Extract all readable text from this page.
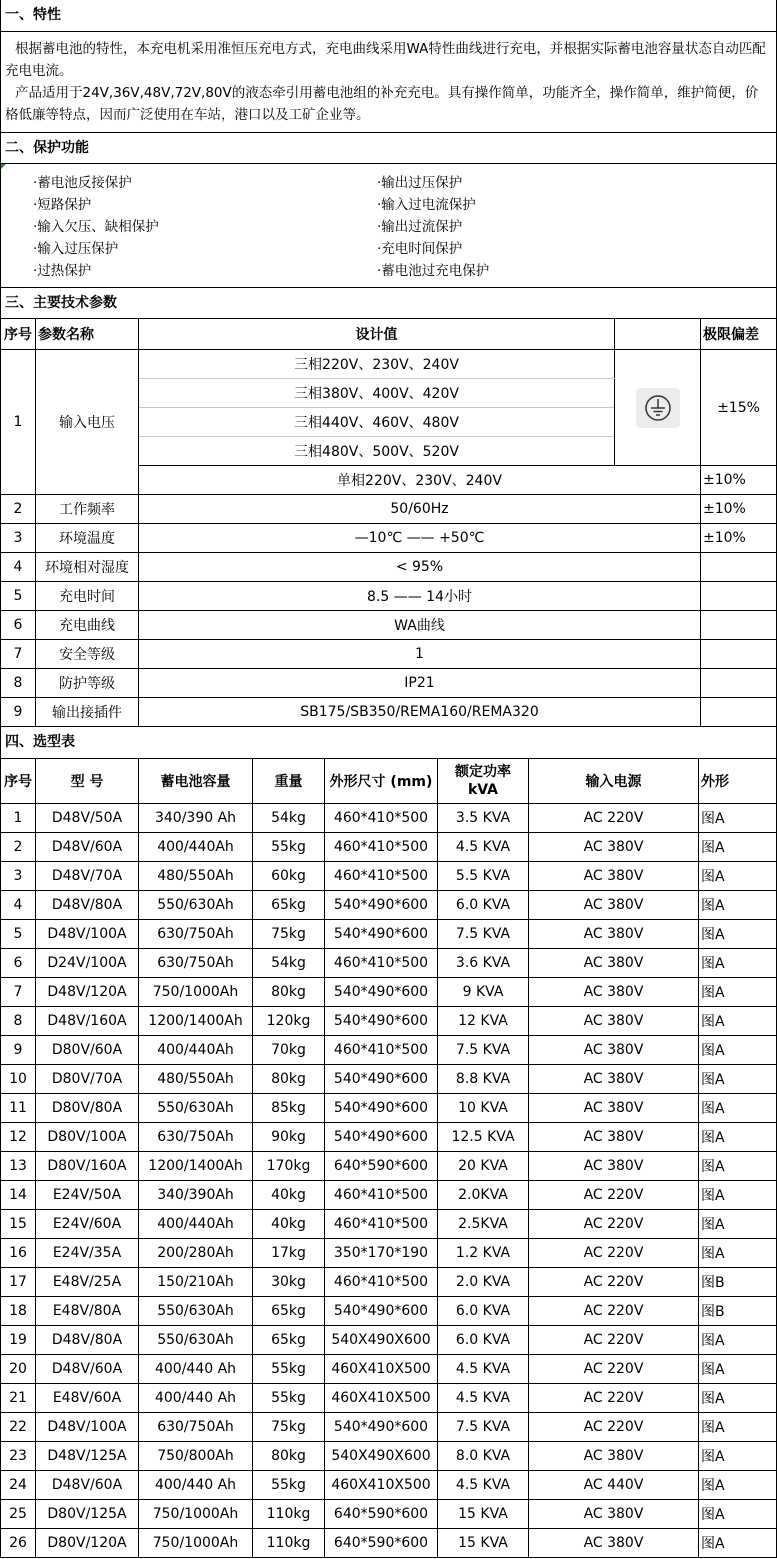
一、特性

根据蓄电池的特性，本充电机采用准恒压充电方式，充电曲线采用WA特性曲线进行充电，并根据实际蓄电池容量状态自动匹配充电电流。

产品适用于24V,36V,48V,72V,80V的液态牵引用蓄电池组的补充充电。具有操作简单，功能齐全，操作简单，维护简便，价格低廉等特点，因而广泛使用在车站，港口以及工矿企业等。

二、保护功能
·蓄电池反接保护
·短路保护
·输入欠压、缺相保护
·输入过压保护
·过热保护
·输出过压保护
·输入过电流保护
·输出过流保护
·充电时间保护
·蓄电池过充电保护
三、主要技术参数
序号	参数名称	设计值		极限偏差
1	输入电压	三相220V、230V、240V		±15%
		三相380V、400V、420V		
		三相440V、460V、480V		
		三相480V、500V、520V		
		单相220V、230V、240V		±10%
2	工作频率	50/60Hz		±10%
3	环境温度	—10℃ —— +50℃		±10%
4	环境相对湿度	< 95%		
5	充电时间	8.5 —— 14小时		
6	充电曲线	WA曲线		
7	安全等级	1		
8	防护等级	IP21		
9	输出接插件	SB175/SB350/REMA160/REMA320		
四、选型表
序号	型 号	蓄电池容量	重量	外形尺寸 (mm)	额定功率
kVA	输入电源	外形
1	D48V/50A	340/390 Ah	54kg	460*410*500	3.5 KVA	AC 220V	图A
2	D48V/60A	400/440Ah	55kg	460*410*500	4.5 KVA	AC 380V	图A
3	D48V/70A	480/550Ah	60kg	460*410*500	5.5 KVA	AC 380V	图A
4	D48V/80A	550/630Ah	65kg	540*490*600	6.0 KVA	AC 380V	图A
5	D48V/100A	630/750Ah	75kg	540*490*600	7.5 KVA	AC 380V	图A
6	D24V/100A	630/750Ah	54kg	460*410*500	3.6 KVA	AC 380V	图A
7	D48V/120A	750/1000Ah	80kg	540*490*600	9 KVA	AC 380V	图A
8	D48V/160A	1200/1400Ah	120kg	540*490*600	12 KVA	AC 380V	图A
9	D80V/60A	400/440Ah	70kg	460*410*500	7.5 KVA	AC 380V	图A
10	D80V/70A	480/550Ah	80kg	540*490*600	8.8 KVA	AC 380V	图A
11	D80V/80A	550/630Ah	85kg	540*490*600	10 KVA	AC 380V	图A
12	D80V/100A	630/750Ah	90kg	540*490*600	12.5 KVA	AC 380V	图A
13	D80V/160A	1200/1400Ah	170kg	640*590*600	20 KVA	AC 380V	图A
14	E24V/50A	340/390Ah	40kg	460*410*500	2.0KVA	AC 220V	图A
15	E24V/60A	400/440Ah	40kg	460*410*500	2.5KVA	AC 220V	图A
16	E24V/35A	200/280Ah	17kg	350*170*190	1.2 KVA	AC 220V	图A
17	E48V/25A	150/210Ah	30kg	460*410*500	2.0 KVA	AC 220V	图B
18	E48V/80A	550/630Ah	65kg	540*490*600	6.0 KVA	AC 220V	图B
19	D48V/80A	550/630Ah	65kg	540X490X600	6.0 KVA	AC 220V	图A
20	D48V/60A	400/440 Ah	55kg	460X410X500	4.5 KVA	AC 220V	图A
21	E48V/60A	400/440 Ah	55kg	460X410X500	4.5 KVA	AC 220V	图A
22	D48V/100A	630/750Ah	75kg	540*490*600	7.5 KVA	AC 220V	图A
23	D48V/125A	750/800Ah	80kg	540X490X600	8.0 KVA	AC 380V	图A
24	D48V/60A	400/440 Ah	55kg	460X410X500	4.5 KVA	AC 440V	图A
25	D80V/125A	750/1000Ah	110kg	640*590*600	15 KVA	AC 380V	图A
26	D80V/120A	750/1000Ah	110kg	640*590*600	15 KVA	AC 380V	图A
